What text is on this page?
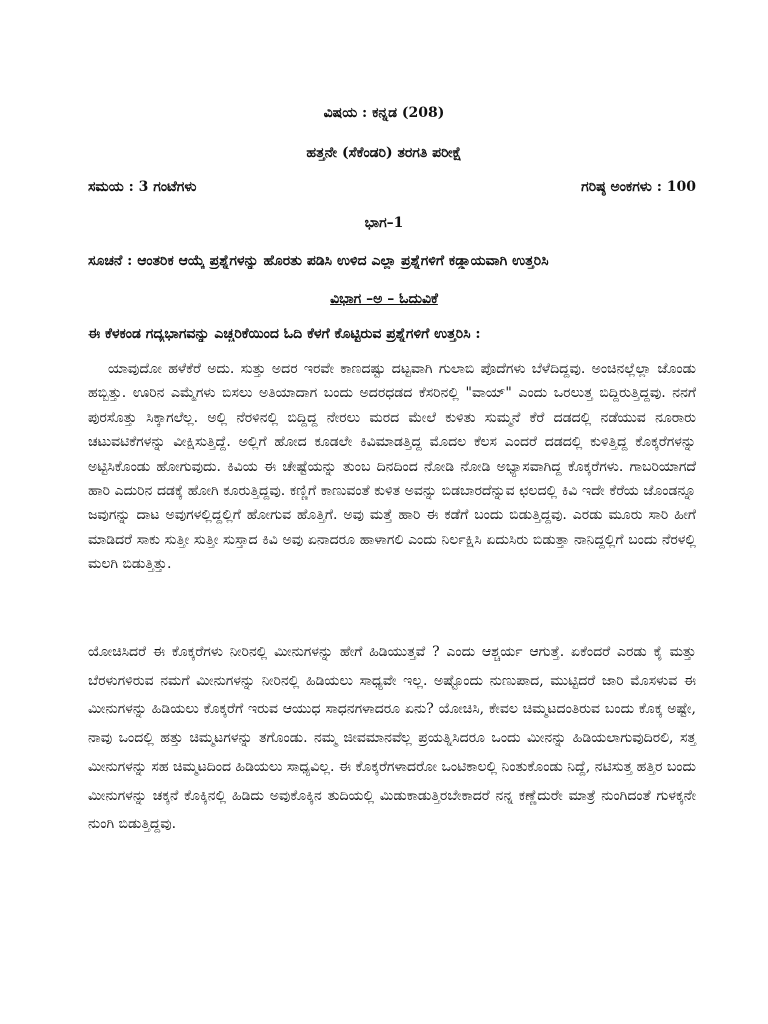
ವಿಷಯ : ಕನ್ನಡ (208)
ಹತ್ತನೇ (ಸೆಕೆಂಡರಿ) ತರಗತಿ ಪರೀಕ್ಷೆ
ಸಮಯ : 3 ಗಂಟೆಗಳು	ಗರಿಷ್ಠ ಅಂಕಗಳು : 100
ಭಾಗ–1
ಸೂಚನೆ : ಆಂತರಿಕ ಆಯ್ಕೆ ಪ್ರಶ್ನೆಗಳನ್ನು ಹೊರತು ಪಡಿಸಿ ಉಳಿದ ಎಲ್ಲಾ ಪ್ರಶ್ನೆಗಳಿಗೆ ಕಡ್ಡಾಯವಾಗಿ ಉತ್ತರಿಸಿ
ವಿಭಾಗ –ಅ – ಓದುವಿಕೆ
ಈ ಕೆಳಕಂಡ ಗದ್ಯಭಾಗವನ್ನು ಎಚ್ಚರಿಕೆಯಿಂದ ಓದಿ ಕೆಳಗೆ ಕೊಟ್ಟಿರುವ ಪ್ರಶ್ನೆಗಳಿಗೆ ಉತ್ತರಿಸಿ :

ಯಾವುದೋ ಹಳೆಕೆರೆ ಅದು. ಸುತ್ತು ಅದರ ಇರವೇ ಕಾಣದಷ್ಟು ದಟ್ಟವಾಗಿ ಗುಲಾಬಿ ಪೊದೆಗಳು ಬೆಳೆದಿದ್ದವು. ಅಂಚಿನಲ್ಲೆಲ್ಲಾ ಜೊಂಡು ಹಬ್ಬಿತ್ತು. ಊರಿನ ಎಮ್ಮೆಗಳು ಬಿಸಲು ಅತಿಯಾದಾಗ ಬಂದು ಅದರಧಡದ ಕೆಸರಿನಲ್ಲಿ "ವಾಯ್" ಎಂದು ಒರಲುತ್ತ ಬಿದ್ದಿರುತ್ತಿದ್ದವು. ನನಗೆ ಪುರಸೊತ್ತು ಸಿಕ್ಕಾಗಲೆಲ್ಲ. ಅಲ್ಲಿ ನೆರಳಿನಲ್ಲಿ ಬಿದ್ದಿದ್ದ ನೇರಲು ಮರದ ಮೇಲೆ ಕುಳಿತು ಸುಮ್ಮನೆ ಕೆರೆ ದಡದಲ್ಲಿ ನಡೆಯುವ ನೂರಾರು ಚಟುವಟಿಕೆಗಳನ್ನು ವೀಕ್ಷಿಸುತ್ತಿದ್ದೆ. ಅಲ್ಲಿಗೆ ಹೋದ ಕೂಡಲೇ ಕಿವಿಮಾಡತ್ತಿದ್ದ ಮೊದಲ ಕೆಲಸ ಎಂದರೆ ದಡದಲ್ಲಿ ಕುಳಿತ್ತಿದ್ದ ಕೊಕ್ಕರೆಗಳನ್ನು ಅಟ್ಟಿಸಿಕೊಂಡು ಹೋಗುವುದು. ಕಿವಿಯ ಈ ಚೇಷ್ಟೆಯನ್ನು ತುಂಬ ದಿನದಿಂದ ನೋಡಿ ನೋಡಿ ಅಭ್ಯಾಸವಾಗಿದ್ದ ಕೊಕ್ಕರೆಗಳು. ಗಾಬರಿಯಾಗದೆ ಹಾರಿ ಎದುರಿನ ದಡಕ್ಕೆ ಹೋಗಿ ಕೂರುತ್ತಿದ್ದವು. ಕಣ್ಣಿಗೆ ಕಾಣುವಂತೆ ಕುಳಿತ ಅವನ್ನು ಬಿಡಬಾರದೆನ್ನುವ ಛಲದಲ್ಲಿ ಕಿವಿ ಇದೇ ಕೆರೆಯ ಜೊಂಡನ್ನೂ ಜವುಗನ್ನು ದಾಟ ಅವುಗಳಲ್ಲಿದ್ದಲ್ಲಿಗೆ ಹೋಗುವ ಹೊತ್ತಿಗೆ. ಅವು ಮತ್ತೆ ಹಾರಿ ಈ ಕಡೆಗೆ ಬಂದು ಬಿಡುತ್ತಿದ್ದವು. ಎರಡು ಮೂರು ಸಾರಿ ಹೀಗೆ ಮಾಡಿದರೆ ಸಾಕು ಸುತ್ತೀ ಸುತ್ತೀ ಸುಸ್ತಾದ ಕಿವಿ ಅವು ಏನಾದರೂ ಹಾಳಾಗಲಿ ಎಂದು ನಿರ್ಲಕ್ಷಿಸಿ ಏದುಸಿರು ಬಿಡುತ್ತಾ ನಾನಿದ್ದಲ್ಲಿಗೆ ಬಂದು ನೆರಳಲ್ಲಿ ಮಲಗಿ ಬಿಡುತ್ತಿತ್ತು.

ಯೋಚಿಸಿದರೆ ಈ ಕೊಕ್ಕರೆಗಳು ನೀರಿನಲ್ಲಿ ಮೀನುಗಳನ್ನು ಹೇಗೆ ಹಿಡಿಯುತ್ತವೆ ? ಎಂದು ಆಶ್ಚರ್ಯ ಆಗುತ್ತೆ. ಏಕೆಂದರೆ ಎರಡು ಕೈ ಮತ್ತು ಬೆರಳುಗಳಿರುವ ನಮಗೆ ಮೀನುಗಳನ್ನು ನೀರಿನಲ್ಲಿ ಹಿಡಿಯಲು ಸಾಧ್ಯವೇ ಇಲ್ಲ. ಅಷ್ಟೊಂದು ನುಣುಪಾದ, ಮುಟ್ಟಿದರೆ ಜಾರಿ ಮೊಸಳುವ ಈ ಮೀನುಗಳನ್ನು ಹಿಡಿಯಲು ಕೊಕ್ಕರೆಗೆ ಇರುವ ಆಯುಧ ಸಾಧನಗಳಾದರೂ ಏನು? ಯೋಚಿಸಿ, ಕೇವಲ ಚಿಮ್ಮಟದಂತಿರುವ ಬಂದು ಕೊಕ್ಕ ಅಷ್ಟೇ, ನಾವು ಒಂದಲ್ಲಿ ಹತ್ತು ಚಿಮ್ಮಟಗಳನ್ನು ತಗೊಂಡು. ನಮ್ಮ ಜೀವಮಾನವೆಲ್ಲ ಪ್ರಯತ್ನಿಸಿದರೂ ಒಂದು ಮೀನನ್ನು ಹಿಡಿಯಲಾಗುವುದಿರಲಿ, ಸತ್ತ ಮೀನುಗಳನ್ನು ಸಹ ಚಿಮ್ಮಟದಿಂದ ಹಿಡಿಯಲು ಸಾಧ್ಯವಿಲ್ಲ. ಈ ಕೊಕ್ಕರೆಗಳಾದರೋ ಒಂಟಿಕಾಲಲ್ಲಿ ನಿಂತುಕೊಂಡು ನಿದ್ದೆ, ನಟಿಸುತ್ತ ಹತ್ತಿರ ಬಂದು ಮೀನುಗಳನ್ನು ಚಕ್ಕನೆ ಕೊಕ್ಕಿನಲ್ಲಿ ಹಿಡಿದು ಅವುಕೊಕ್ಕಿನ ತುದಿಯಲ್ಲಿ ಮಿಡುಕಾಡುತ್ತಿರಬೇಕಾದರೆ ನನ್ನ ಕಣ್ಣೆದುರೇ ಮಾತ್ರೆ ನುಂಗಿದಂತೆ ಗುಳಕ್ಕನೇ ನುಂಗಿ ಬಿಡುತ್ತಿದ್ದವು.
